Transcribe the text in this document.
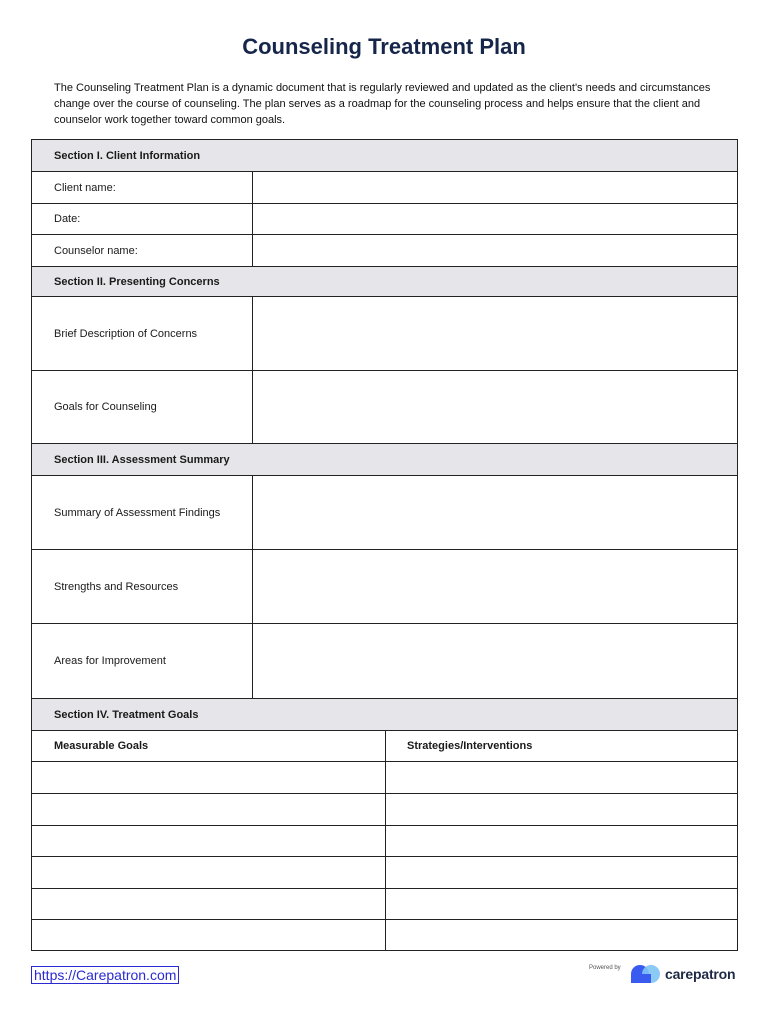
Counseling Treatment Plan

The Counseling Treatment Plan is a dynamic document that is regularly reviewed and updated as the client's needs and circumstances change over the course of counseling. The plan serves as a roadmap for the counseling process and helps ensure that the client and counselor work together toward common goals.

Section I. Client Information
Client name:
Date:
Counselor name:
Section II. Presenting Concerns
Brief Description of Concerns
Goals for Counseling
Section III. Assessment Summary
Summary of Assessment Findings
Strengths and Resources
Areas for Improvement
Section IV. Treatment Goals
Measurable Goals	Strategies/Interventions
https://Carepatron.com	Powered by	carepatron
